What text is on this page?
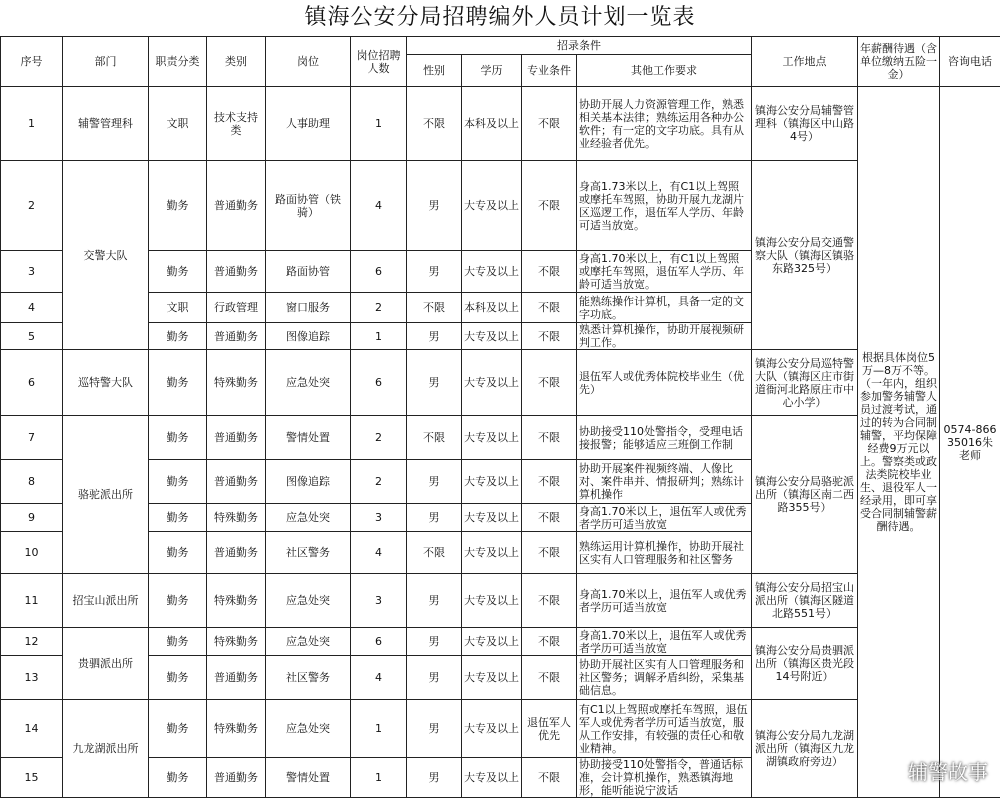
镇海公安分局招聘编外人员计划一览表
序号	部门	职责分类	类别	岗位	岗位招聘人数	招录条件				工作地点	年薪酬待遇（含单位缴纳五险一金）	咨询电话
						性别	学历	专业条件	其他工作要求			
1	辅警管理科	文职	技术支持类	人事助理	1	不限	本科及以上	不限	协助开展人力资源管理工作，熟悉相关基本法律；熟练运用各种办公软件；有一定的文字功底。具有从业经验者优先。	镇海公安分局辅警管理科（镇海区中山路4号）	根据具体岗位5万—8万不等。（一年内，组织参加警务辅警人员过渡考试，通过的转为合同制辅警，平均保障经费9万元以上。警察类或政法类院校毕业生、退役军人一经录用，即可享受合同制辅警薪酬待遇。	0574-86635016朱老师
2	交警大队	勤务	普通勤务	路面协管（铁骑）	4	男	大专及以上	不限	身高1.73米以上，有C1以上驾照或摩托车驾照，协助开展九龙湖片区巡逻工作，退伍军人学历、年龄可适当放宽。	镇海公安分局交通警察大队（镇海区镇骆东路325号）		
3		勤务	普通勤务	路面协管	6	男	大专及以上	不限	身高1.70米以上，有C1以上驾照或摩托车驾照，退伍军人学历、年龄可适当放宽。			
4		文职	行政管理	窗口服务	2	不限	本科及以上	不限	能熟练操作计算机，具备一定的文字功底。			
5		勤务	普通勤务	图像追踪	1	男	大专及以上	不限	熟悉计算机操作，协助开展视频研判工作。			
6	巡特警大队	勤务	特殊勤务	应急处突	6	男	大专及以上	不限	退伍军人或优秀体院校毕业生（优先）	镇海公安分局巡特警大队（镇海区庄市街道衙河北路原庄市中心小学）		
7	骆驼派出所	勤务	普通勤务	警情处置	2	不限	大专及以上	不限	协助接受110处警指令，受理电话接报警；能够适应三班倒工作制	镇海公安分局骆驼派出所（镇海区南二西路355号）		
8		勤务	普通勤务	图像追踪	2	男	大专及以上	不限	协助开展案件视频终端、人像比对、案件串并、情报研判；熟练计算机操作			
9		勤务	特殊勤务	应急处突	3	男	大专及以上	不限	身高1.70米以上，退伍军人或优秀者学历可适当放宽			
10		勤务	普通勤务	社区警务	4	不限	大专及以上	不限	熟练运用计算机操作，协助开展社区实有人口管理服务和社区警务			
11	招宝山派出所	勤务	特殊勤务	应急处突	3	男	大专及以上	不限	身高1.70米以上，退伍军人或优秀者学历可适当放宽	镇海公安分局招宝山派出所（镇海区隧道北路551号）		
12	贵驷派出所	勤务	特殊勤务	应急处突	6	男	大专及以上	不限	身高1.70米以上，退伍军人或优秀者学历可适当放宽	镇海公安分局贵驷派出所（镇海区贵光段14号附近）		
13		勤务	普通勤务	社区警务	4	男	大专及以上	不限	协助开展社区实有人口管理服务和社区警务；调解矛盾纠纷，采集基础信息。			
14	九龙湖派出所	勤务	特殊勤务	应急处突	1	男	大专及以上	退伍军人优先	有C1以上驾照或摩托车驾照，退伍军人或优秀者学历可适当放宽，服从工作安排，有较强的责任心和敬业精神。	镇海公安分局九龙湖派出所（镇海区九龙湖镇政府旁边）		
15		勤务	普通勤务	警情处置	1	男	大专及以上	不限	协助接受110处警指令，普通话标准，会计算机操作，熟悉镇海地形，能听能说宁波话			
辅警故事
